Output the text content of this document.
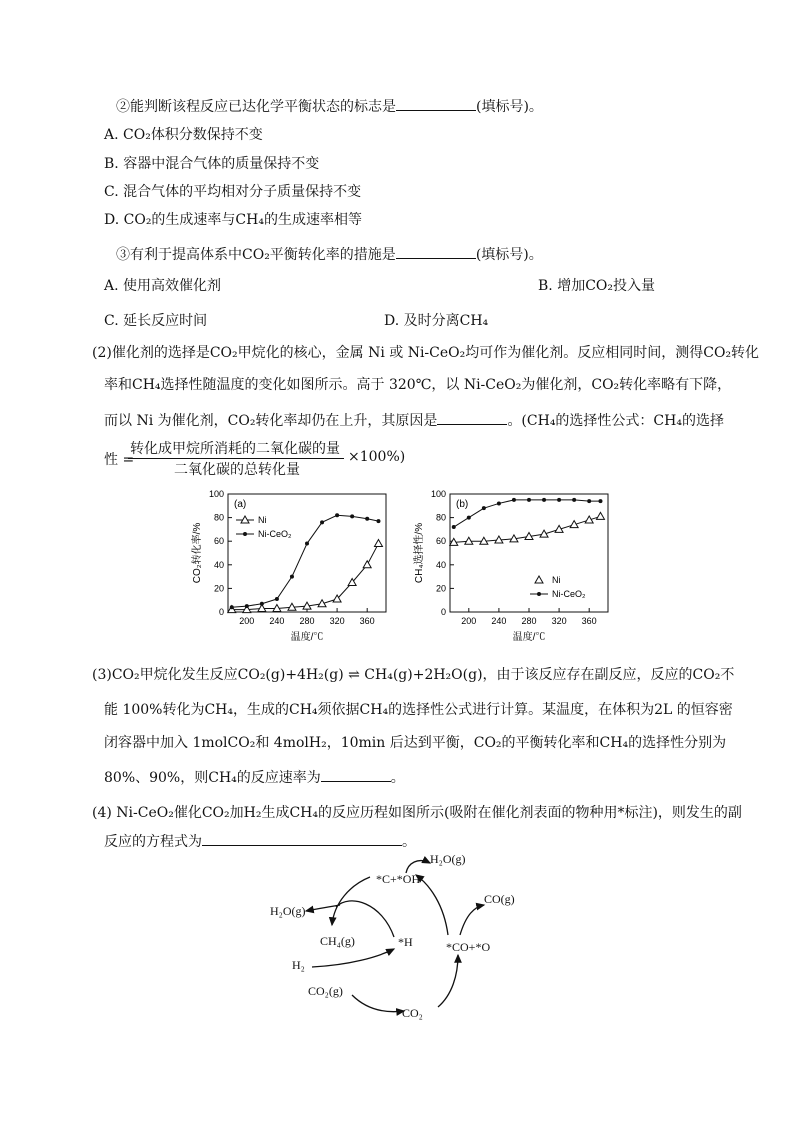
②能判断该程反应已达化学平衡状态的标志是	(填标号)。
A. CO₂体积分数保持不变
B. 容器中混合气体的质量保持不变
C. 混合气体的平均相对分子质量保持不变
D. CO₂的生成速率与CH₄的生成速率相等
③有利于提高体系中CO₂平衡转化率的措施是	(填标号)。
A. 使用高效催化剂	B. 增加CO₂投入量
C. 延长反应时间	D. 及时分离CH₄
(2)催化剂的选择是CO₂甲烷化的核心，金属 Ni 或 Ni-CeO₂均可作为催化剂。反应相同时间，测得CO₂转化
率和CH₄选择性随温度的变化如图所示。高于 320℃，以 Ni-CeO₂为催化剂，CO₂转化率略有下降，
而以 Ni 为催化剂，CO₂转化率却仍在上升，其原因是	。(CH₄的选择性公式：CH₄的选择
性 =
转化成甲烷所消耗的二氧化碳的量
二氧化碳的总转化量
×100%)
0
20
40
60
80
100
200 240 280 320 360
温度/℃
CO₂转化率/%
(a)
Ni
Ni-CeO₂
0
20
40
60
80
100
200 240 280 320 360
温度/℃
CH₄选择性/%
(b)
Ni
Ni-CeO₂
(3)CO₂甲烷化发生反应CO₂(g)+4H₂(g) ⇌ CH₄(g)+2H₂O(g)，由于该反应存在副反应，反应的CO₂不
能 100%转化为CH₄，生成的CH₄须依据CH₄的选择性公式进行计算。某温度，在体积为2L 的恒容密
闭容器中加入 1molCO₂和 4molH₂，10min 后达到平衡，CO₂的平衡转化率和CH₄的选择性分别为
80%、90%，则CH₄的反应速率为	。
(4) Ni-CeO₂催化CO₂加H₂生成CH₄的反应历程如图所示(吸附在催化剂表面的物种用*标注)，则发生的副
反应的方程式为	。
H₂O(g)
*C+*OH
H₂O(g)
CO(g)
CH₄(g)	*H	*CO+*O
H₂
CO₂(g)
*CO₂
